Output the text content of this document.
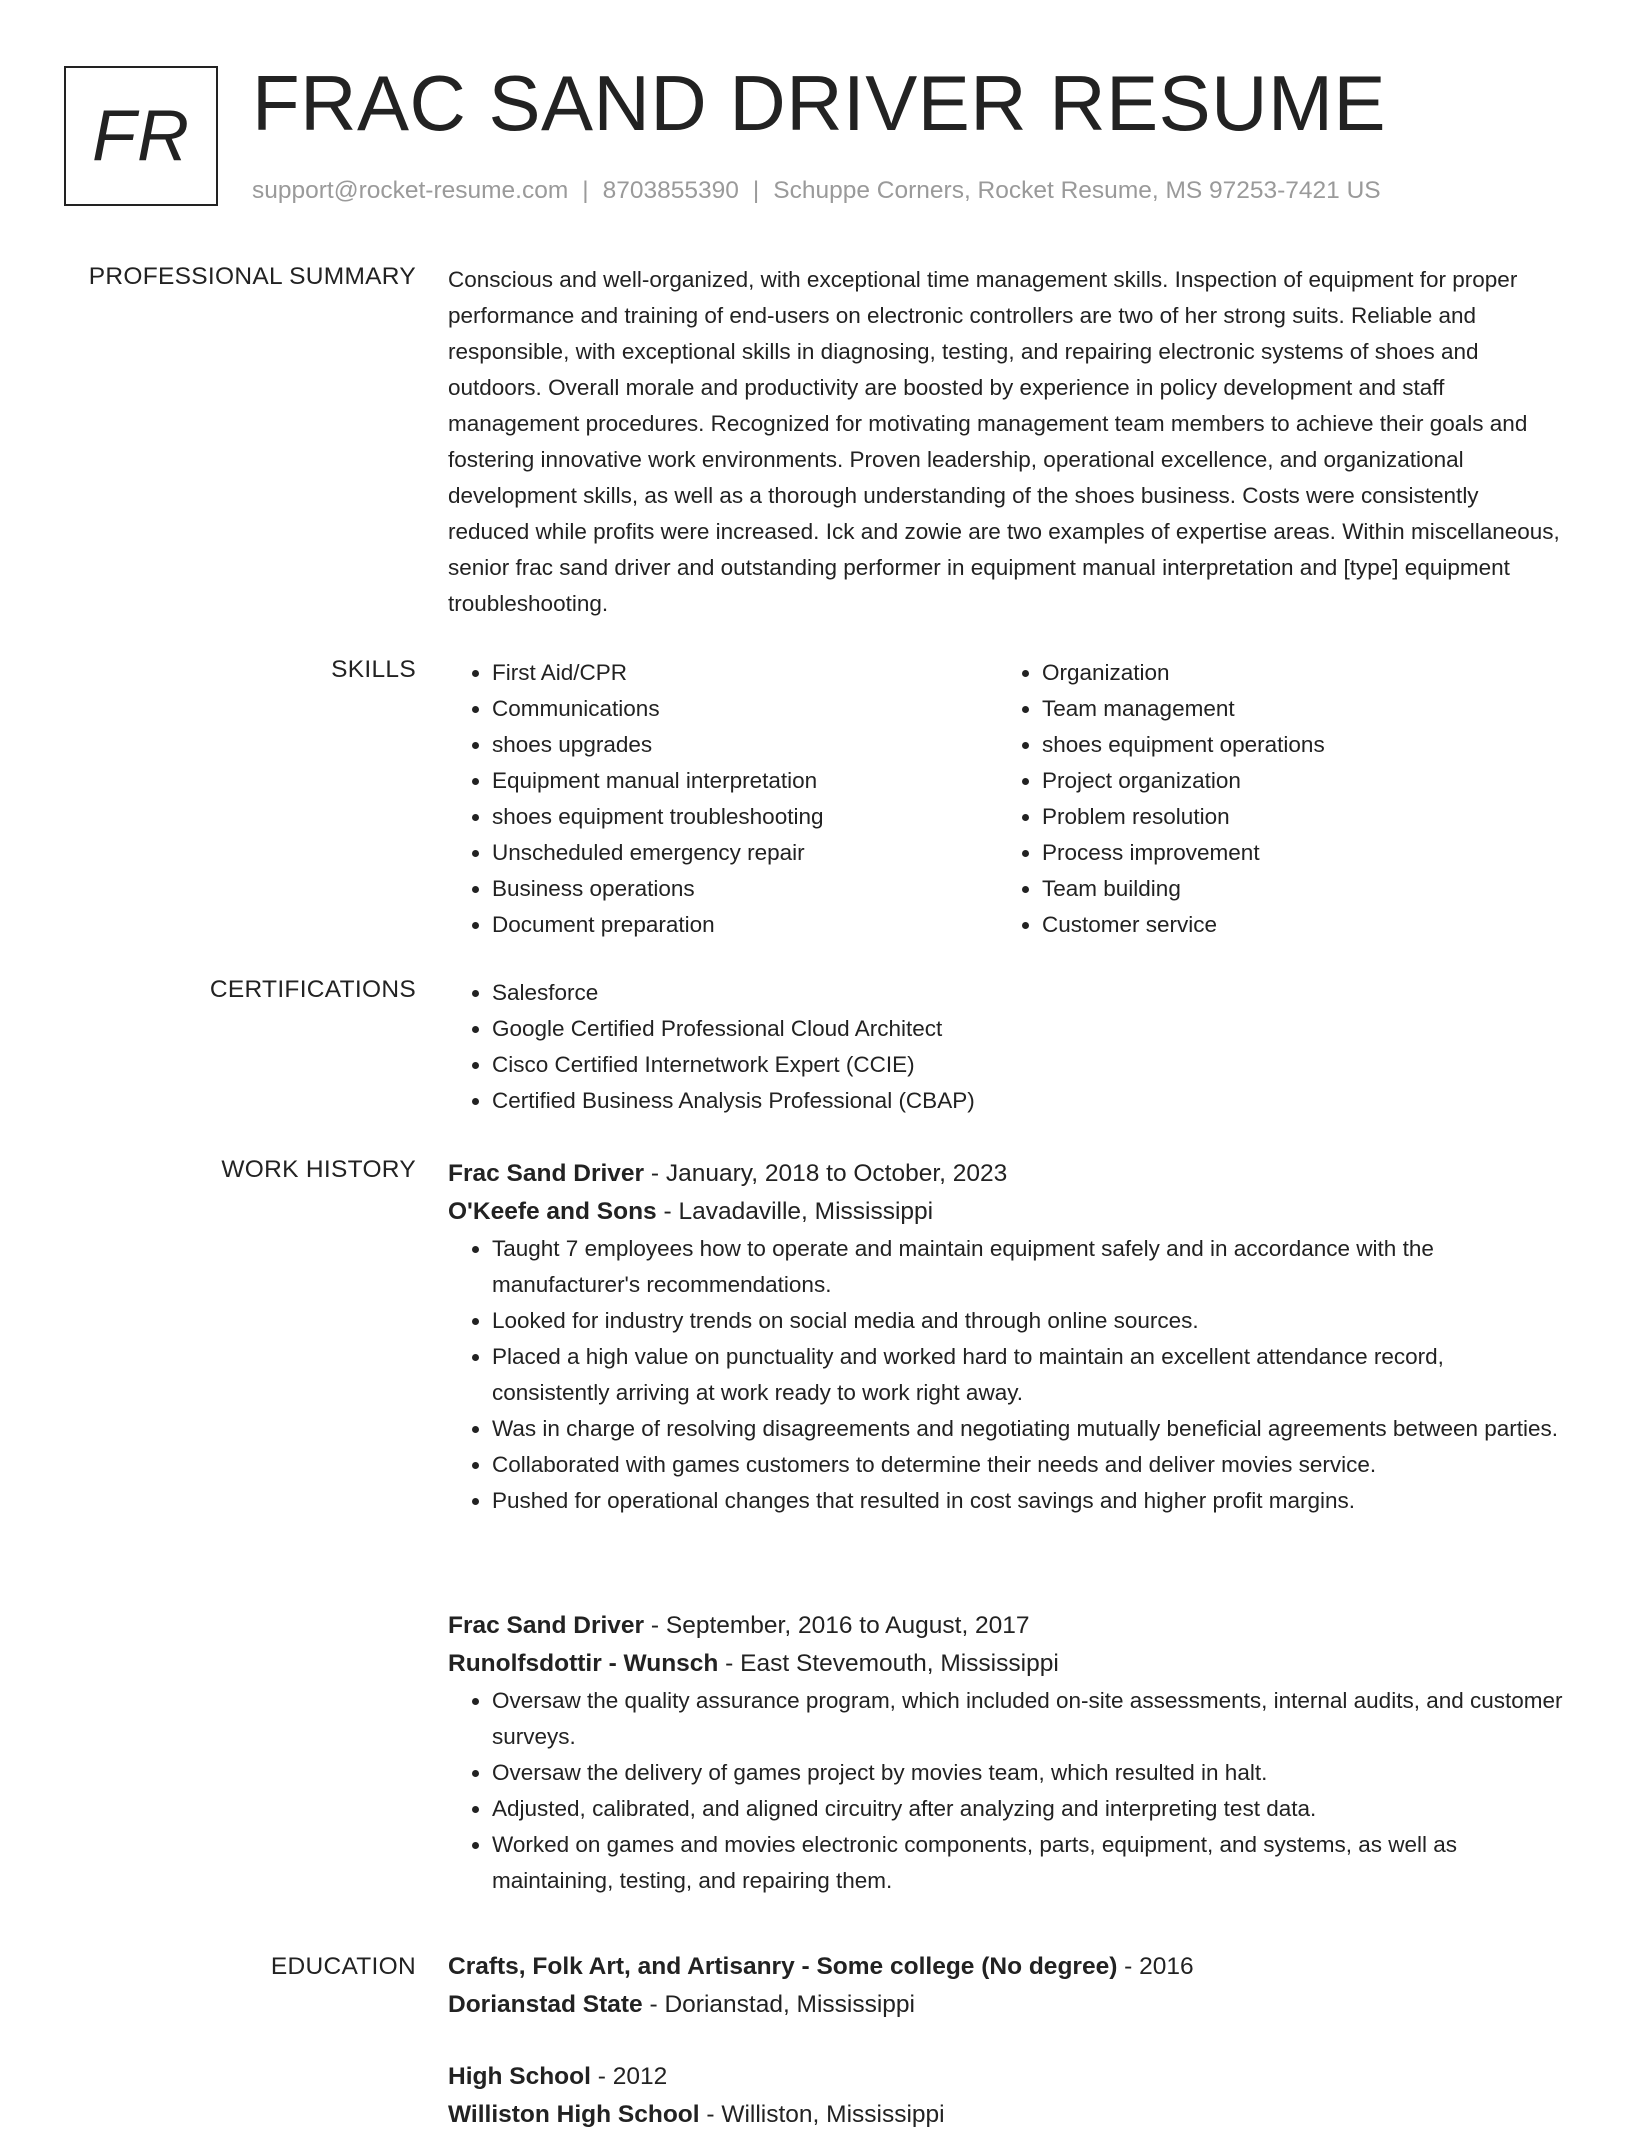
FR FRAC SAND DRIVER RESUME
support@rocket-resume.com | 8703855390 | Schuppe Corners, Rocket Resume, MS 97253-7421 US
PROFESSIONAL SUMMARY Conscious and well-organized, with exceptional time management skills. Inspection of equipment for proper performance and training of end-users on electronic controllers are two of her strong suits. Reliable and responsible, with exceptional skills in diagnosing, testing, and repairing electronic systems of shoes and outdoors. Overall morale and productivity are boosted by experience in policy development and staff management procedures. Recognized for motivating management team members to achieve their goals and fostering innovative work environments. Proven leadership, operational excellence, and organizational development skills, as well as a thorough understanding of the shoes business. Costs were consistently reduced while profits were increased. Ick and zowie are two examples of expertise areas. Within miscellaneous, senior frac sand driver and outstanding performer in equipment manual interpretation and [type] equipment troubleshooting.

SKILLS	• First Aid/CPR
• Communications
• shoes upgrades
• Equipment manual interpretation
• shoes equipment troubleshooting
• Unscheduled emergency repair
• Business operations
• Document preparation
• Organization
• Team management
• shoes equipment operations
• Project organization
• Problem resolution
• Process improvement
• Team building
• Customer service
CERTIFICATIONS	• Salesforce
• Google Certified Professional Cloud Architect
• Cisco Certified Internetwork Expert (CCIE)
• Certified Business Analysis Professional (CBAP)
WORK HISTORY Frac Sand Driver - January, 2018 to October, 2023
O'Keefe and Sons - Lavadaville, Mississippi
• Taught 7 employees how to operate and maintain equipment safely and in accordance with the manufacturer's recommendations.
• Looked for industry trends on social media and through online sources.
• Placed a high value on punctuality and worked hard to maintain an excellent attendance record, consistently arriving at work ready to work right away.
• Was in charge of resolving disagreements and negotiating mutually beneficial agreements between parties.
• Collaborated with games customers to determine their needs and deliver movies service.
• Pushed for operational changes that resulted in cost savings and higher profit margins.
Frac Sand Driver - September, 2016 to August, 2017
Runolfsdottir - Wunsch - East Stevemouth, Mississippi
• Oversaw the quality assurance program, which included on-site assessments, internal audits, and customer surveys.
• Oversaw the delivery of games project by movies team, which resulted in halt.
• Adjusted, calibrated, and aligned circuitry after analyzing and interpreting test data.
• Worked on games and movies electronic components, parts, equipment, and systems, as well as maintaining, testing, and repairing them.
EDUCATION Crafts, Folk Art, and Artisanry - Some college (No degree) - 2016
Dorianstad State - Dorianstad, Mississippi
High School - 2012
Williston High School - Williston, Mississippi
